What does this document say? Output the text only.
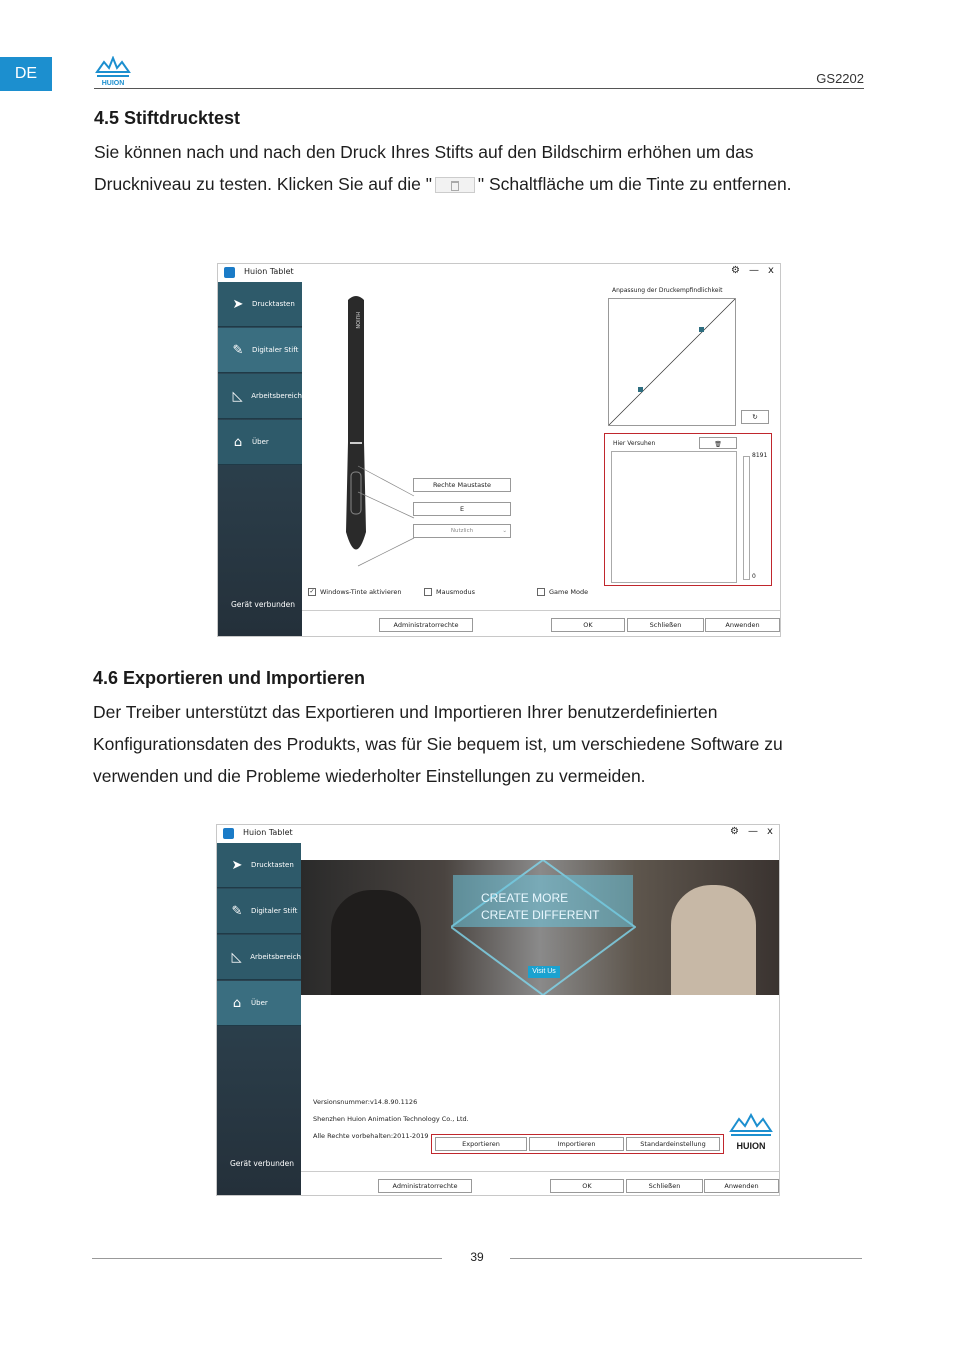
DE
HUION	GS2202
4.5 Stiftdrucktest
Sie können nach und nach den Druck Ihres Stifts auf den Bildschirm erhöhen um das
Druckniveau zu testen. Klicken Sie auf die "	" Schaltfläche um die Tinte zu entfernen.
Huion Tablet	⚙ — x
➤	Drucktasten
✎	Digitaler Stift
◺	Arbeitsbereich
⌂	Über
Gerät verbunden
HUION
Rechte Maustaste
E
Nutzlich	⌄
Anpassung der Druckempfindlichkeit
↻
Hier Versuhen	🗑
8191
0
✓ Windows-Tinte aktivieren	Mausmodus	Game Mode
Administratorrechte	OK	Schließen	Anwenden
4.6 Exportieren und Importieren
Der Treiber unterstützt das Exportieren und Importieren Ihrer benutzerdefinierten
Konfigurationsdaten des Produkts, was für Sie bequem ist, um verschiedene Software zu
verwenden und die Probleme wiederholter Einstellungen zu vermeiden.
Huion Tablet	⚙ — x
➤	Drucktasten
✎	Digitaler Stift
◺	Arbeitsbereich
⌂	Über
Gerät verbunden
CREATE MORE
CREATE DIFFERENT
Visit Us
Versionsnummer:v14.8.90.1126
Shenzhen Huion Animation Technology Co., Ltd.
Alle Rechte vorbehalten:2011-2019
Exportieren	Importieren	Standardeinstellung	HUION
Administratorrechte	OK	Schließen	Anwenden
39
